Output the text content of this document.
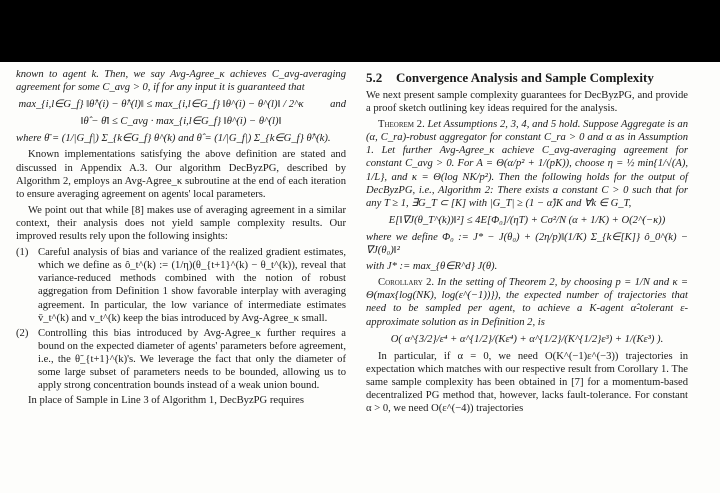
known to agent k. Then, we say Avg-Agree_κ achieves C_avg-averaging agreement for some C_avg > 0, if for any input it is guaranteed that

max_{i,l∈G_f} ‖θ̂^(i) − θ̂^(l)‖ ≤ max_{i,l∈G_f} ‖θ^(i) − θ^(l)‖ / 2^κ	and
‖θ̂ − θ̄‖ ≤ C_avg · max_{i,l∈G_f} ‖θ^(i) − θ^(l)‖

where θ̄ = (1/|G_f|) Σ_{k∈G_f} θ^(k) and θ̂ = (1/|G_f|) Σ_{k∈G_f} θ̂^(k).

Known implementations satisfying the above definition are stated and discussed in Appendix A.3. Our algorithm DecByzPG, described by Algorithm 2, employs an Avg-Agree_κ subroutine at the end of each iteration to ensure averaging agreement on agents' local parameters.

We point out that while [8] makes use of averaging agreement in a similar context, their analysis does not yield sample complexity results. Our improved results rely upon the following insights:

(1) Careful analysis of bias and variance of the realized gradient estimates, which we define as ô_t^(k) := (1/η)(θ_{t+1}^(k) − θ_t^(k)), reveal that variance-reduced methods combined with the notion of robust aggregation from Definition 1 show favorable interplay with averaging agreement. In particular, the low variance of intermediate estimates v̄_t^(k) and v_t^(k) keep the bias introduced by Avg-Agree_κ small.
(2) Controlling this bias introduced by Avg-Agree_κ further requires a bound on the expected diameter of agents' parameters before agreement, i.e., the θ̃_{t+1}^(k)'s. We leverage the fact that only the diameter of some large subset of parameters needs to be bounded, allowing us to apply strong concentration bounds instead of a weak union bound.

In place of Sample in Line 3 of Algorithm 1, DecByzPG requires

5.2 Convergence Analysis and Sample Complexity

We next present sample complexity guarantees for DecByzPG, and provide a proof sketch outlining key ideas required for the analysis.

Theorem 2. Let Assumptions 2, 3, 4, and 5 hold. Suppose Aggregate is an (α, C_ra)-robust aggregator for constant C_ra > 0 and α as in Assumption 1. Let further Avg-Agree_κ achieve C_avg-averaging agreement for constant C_avg > 0. For A = Θ(α/p² + 1/(pK)), choose η = ½ min{1/√(A), 1/L}, and κ = Θ(log NK/p²). Then the following holds for the output of DecByzPG, i.e., Algorithm 2: There exists a constant C > 0 such that for any T ≥ 1, ∃G_T ⊂ [K] with |G_T| ≥ (1 − α̂)K and ∀k ∈ G_T,

E[‖∇J(θ_T^(k))‖²] ≤ 4E[Φ₀]/(ηT) + Cσ²/N (α + 1/K) + O(2^(−κ))

where we define Φ₀ := J* − J(θ₀) + (2η/p)‖(1/K) Σ_{k∈[K]} ô_0^(k) − ∇J(θ₀)‖²

with J* := max_{θ∈R^d} J(θ).

Corollary 2. In the setting of Theorem 2, by choosing p = 1/N and κ = Θ(max{log(NK), log(ε^(−1))}), the expected number of trajectories that need to be sampled per agent, to achieve a K-agent α̂-tolerant ε-approximate solution as in Definition 2, is

O( α^{3/2}/ε⁴ + α^{1/2}/(Kε⁴) + α^{1/2}/(K^{1/2}ε³) + 1/(Kε³) ).

In particular, if α = 0, we need O(K^(−1)ε^(−3)) trajectories in expectation which matches with our respective result from Corollary 1. The same sample complexity has been obtained in [7] for a momentum-based decentralized PG method that, however, lacks fault-tolerance. For constant α > 0, we need O(ε^(−4)) trajectories
